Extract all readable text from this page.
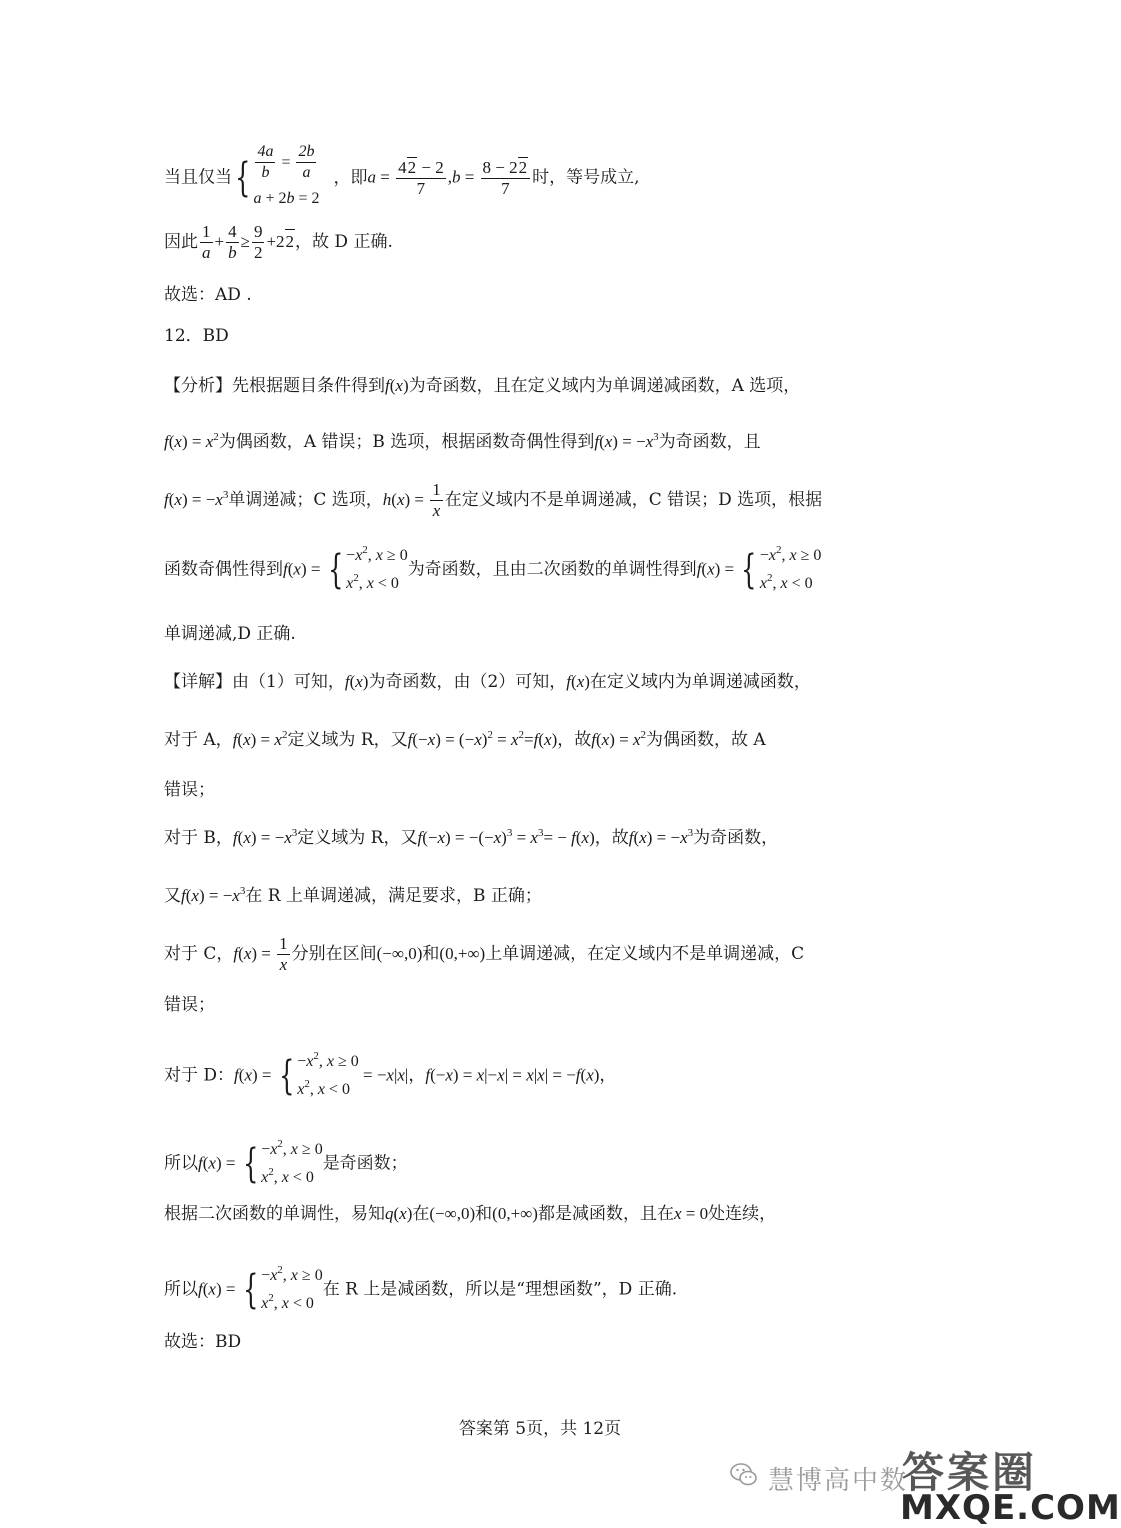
当且仅当{ $\frac{4a}{b} = \frac{2b}{a}$
a + 2b = 2
，即$a = \frac{42 - 2}{7} ,b = \frac{8 - 22}{7}$ 时，等号成立,
因此 $\frac{1}{a} + \frac{4}{b} \ge \frac{9}{2} +22$，故 D 正确.
故选：AD .
12．BD
【分析】先根据题目条件得到f(x)为奇函数，且在定义域内为单调递减函数，A 选项，
$f(x) = x^2$为偶函数，A 错误；B 选项，根据函数奇偶性得到$f(x) = -x^3$为奇函数，且
$f(x) = -x^3$单调递减；C 选项，$h(x) = \frac{1}{x}$ 在定义域内不是单调递减，C 错误；D 选项，根据
函数奇偶性得到f(x) = { $-x^2$, x ≥ 0
$x^2$, x < 0
为奇函数，且由二次函数的单调性得到f(x) = { $-x^2$, x ≥ 0
$x^2$, x < 0
单调递减,D 正确.
【详解】由（1）可知，f(x)为奇函数，由（2）可知，f(x)在定义域内为单调递减函数，
对于 A，$f(x) = x^2$定义域为 R，又$f(-x) = (-x)^2 = x^2=f(x)$，故$f(x) = x^2$为偶函数，故 A
错误；
对于 B，$f(x) = -x^3$定义域为 R，又$f(-x) = -(-x)^3 = x^3= - f(x)$，故$f(x) = -x^3$为奇函数，
又$f(x) = -x^3$在 R 上单调递减，满足要求，B 正确；
对于 C，$f(x) = \frac{1}{x}$ 分别在区间(−∞,0)和(0,+∞)上单调递减，在定义域内不是单调递减，C
错误；
对于 D：f(x) = { $-x^2$, x ≥ 0
$x^2$, x < 0
= −x|x|，f(−x) = x|−x| = x|x| = −f(x)，
所以f(x) = { $-x^2$, x ≥ 0
$x^2$, x < 0
是奇函数；
根据二次函数的单调性，易知q(x)在(−∞,0)和(0,+∞)都是减函数，且在x = 0处连续，
所以f(x) = { $-x^2$, x ≥ 0
$x^2$, x < 0
在 R 上是减函数，所以是“理想函数”，D 正确.
故选：BD
答案第 5页，共 12页
慧博高中数
答案圈
MXQE.COM
